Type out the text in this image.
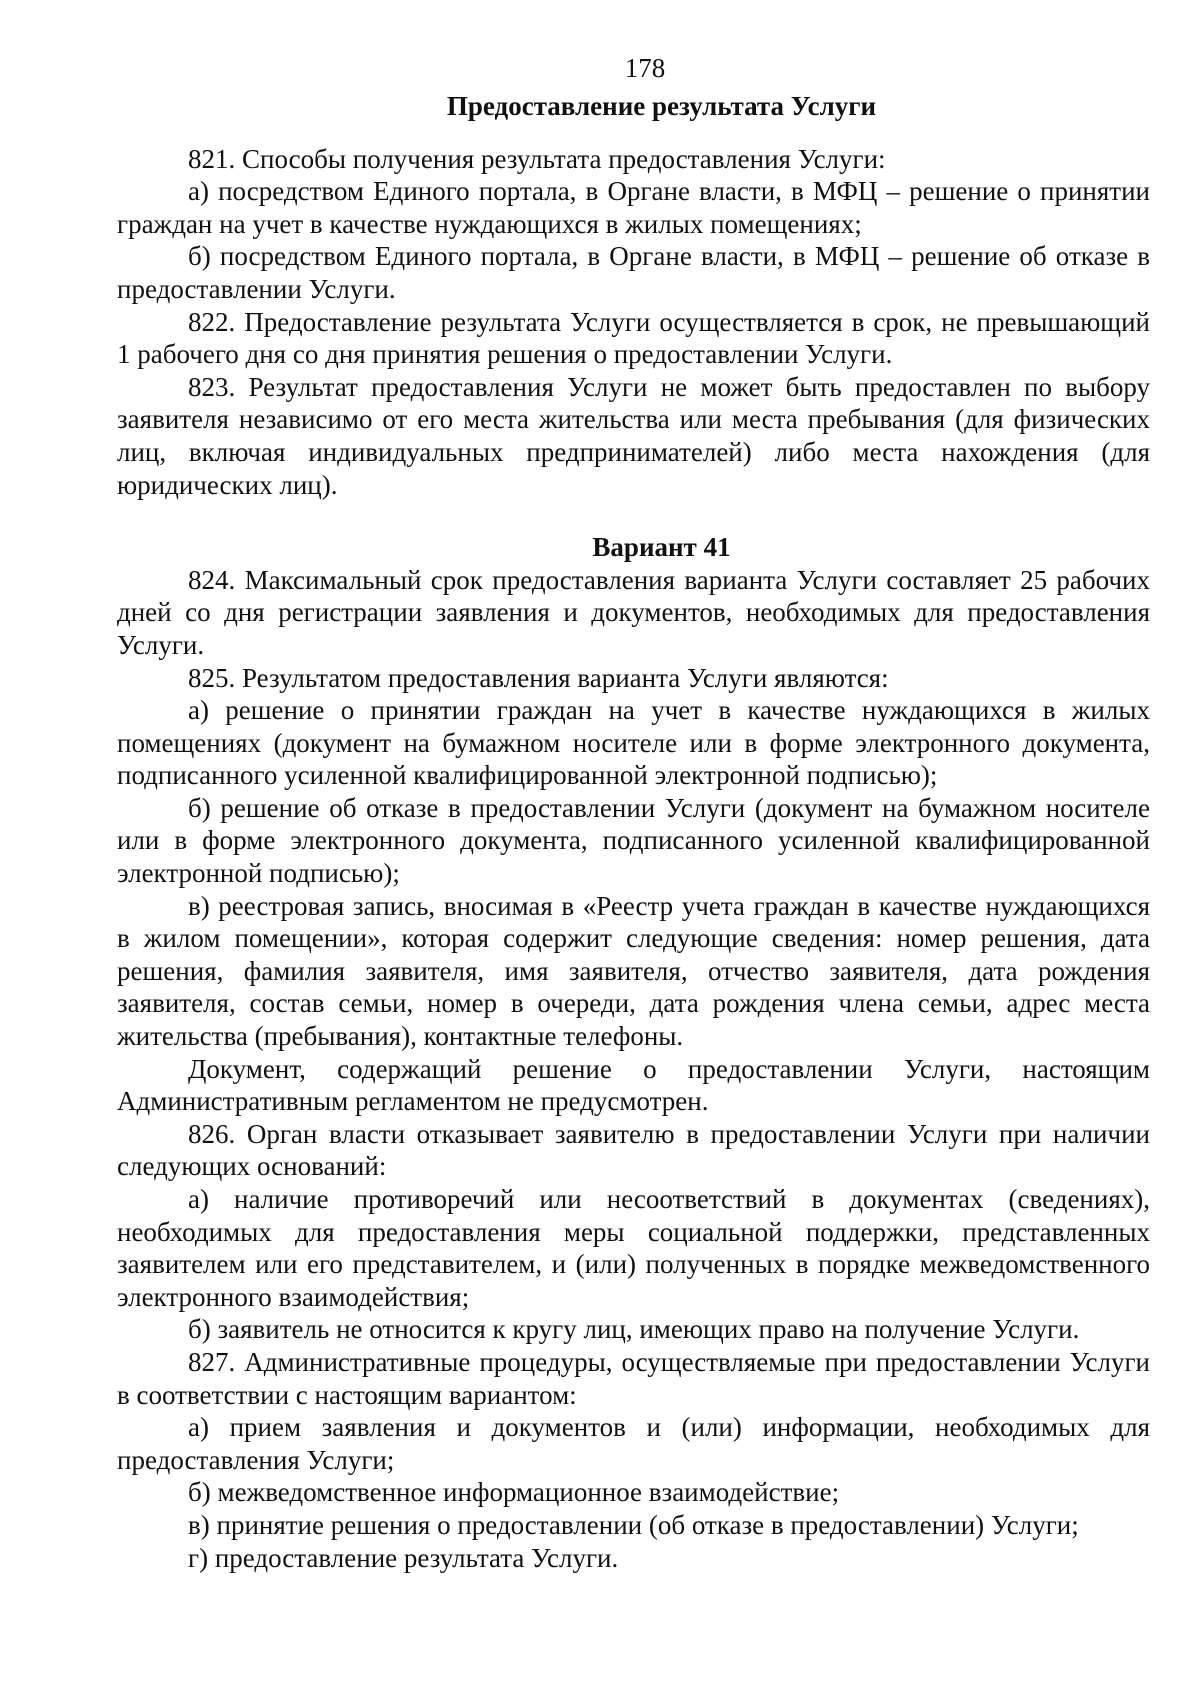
178

Предоставление результата Услуги

821. Способы получения результата предоставления Услуги:

а) посредством Единого портала, в Органе власти, в МФЦ – решение о принятии граждан на учет в качестве нуждающихся в жилых помещениях;

б) посредством Единого портала, в Органе власти, в МФЦ – решение об отказе в предоставлении Услуги.

822. Предоставление результата Услуги осуществляется в срок, не превышающий 1 рабочего дня со дня принятия решения о предоставлении Услуги.

823. Результат предоставления Услуги не может быть предоставлен по выбору заявителя независимо от его места жительства или места пребывания (для физических лиц, включая индивидуальных предпринимателей) либо места нахождения (для юридических лиц).

Вариант 41

824. Максимальный срок предоставления варианта Услуги составляет 25 рабочих дней со дня регистрации заявления и документов, необходимых для предоставления Услуги.

825. Результатом предоставления варианта Услуги являются:

а) решение о принятии граждан на учет в качестве нуждающихся в жилых помещениях (документ на бумажном носителе или в форме электронного документа, подписанного усиленной квалифицированной электронной подписью);

б) решение об отказе в предоставлении Услуги (документ на бумажном носителе или в форме электронного документа, подписанного усиленной квалифицированной электронной подписью);

в) реестровая запись, вносимая в «Реестр учета граждан в качестве нуждающихся в жилом помещении», которая содержит следующие сведения: номер решения, дата решения, фамилия заявителя, имя заявителя, отчество заявителя, дата рождения заявителя, состав семьи, номер в очереди, дата рождения члена семьи, адрес места жительства (пребывания), контактные телефоны.

Документ, содержащий решение о предоставлении Услуги, настоящим Административным регламентом не предусмотрен.

826. Орган власти отказывает заявителю в предоставлении Услуги при наличии следующих оснований:

а) наличие противоречий или несоответствий в документах (сведениях), необходимых для предоставления меры социальной поддержки, представленных заявителем или его представителем, и (или) полученных в порядке межведомственного электронного взаимодействия;

б) заявитель не относится к кругу лиц, имеющих право на получение Услуги.

827. Административные процедуры, осуществляемые при предоставлении Услуги в соответствии с настоящим вариантом:

а) прием заявления и документов и (или) информации, необходимых для предоставления Услуги;

б) межведомственное информационное взаимодействие;

в) принятие решения о предоставлении (об отказе в предоставлении) Услуги;

г) предоставление результата Услуги.
